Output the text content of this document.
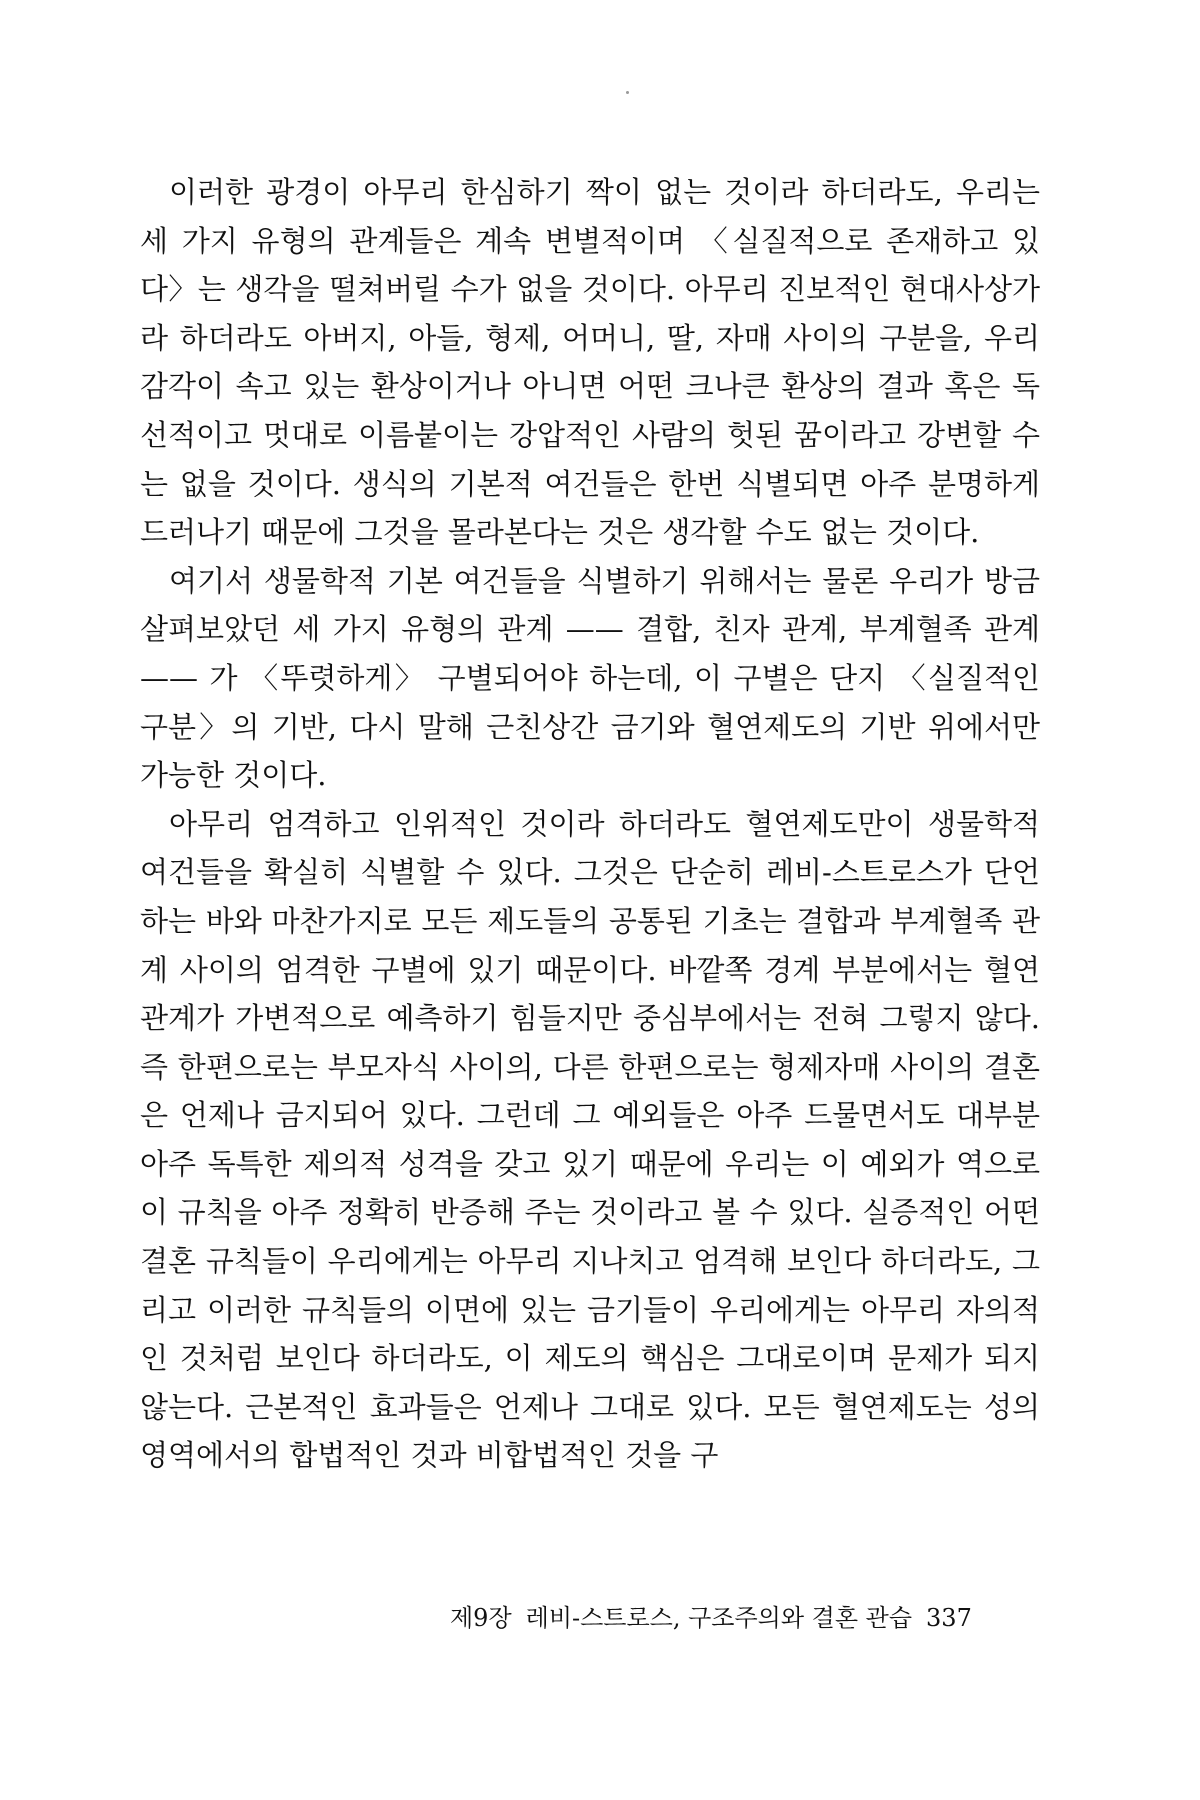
이러한 광경이 아무리 한심하기 짝이 없는 것이라 하더라도, 우리는 세 가지 유형의 관계들은 계속 변별적이며 〈실질적으로 존재하고 있다〉는 생각을 떨쳐버릴 수가 없을 것이다. 아무리 진보적인 현대사상가라 하더라도 아버지, 아들, 형제, 어머니, 딸, 자매 사이의 구분을, 우리 감각이 속고 있는 환상이거나 아니면 어떤 크나큰 환상의 결과 혹은 독선적이고 멋대로 이름붙이는 강압적인 사람의 헛된 꿈이라고 강변할 수는 없을 것이다. 생식의 기본적 여건들은 한번 식별되면 아주 분명하게 드러나기 때문에 그것을 몰라본다는 것은 생각할 수도 없는 것이다.

여기서 생물학적 기본 여건들을 식별하기 위해서는 물론 우리가 방금 살펴보았던 세 가지 유형의 관계 —— 결합, 친자 관계, 부계혈족 관계 —— 가 〈뚜렷하게〉 구별되어야 하는데, 이 구별은 단지 〈실질적인 구분〉의 기반, 다시 말해 근친상간 금기와 혈연제도의 기반 위에서만 가능한 것이다.

아무리 엄격하고 인위적인 것이라 하더라도 혈연제도만이 생물학적 여건들을 확실히 식별할 수 있다. 그것은 단순히 레비-스트로스가 단언하는 바와 마찬가지로 모든 제도들의 공통된 기초는 결합과 부계혈족 관계 사이의 엄격한 구별에 있기 때문이다. 바깥쪽 경계 부분에서는 혈연 관계가 가변적으로 예측하기 힘들지만 중심부에서는 전혀 그렇지 않다. 즉 한편으로는 부모자식 사이의, 다른 한편으로는 형제자매 사이의 결혼은 언제나 금지되어 있다. 그런데 그 예외들은 아주 드물면서도 대부분 아주 독특한 제의적 성격을 갖고 있기 때문에 우리는 이 예외가 역으로 이 규칙을 아주 정확히 반증해 주는 것이라고 볼 수 있다. 실증적인 어떤 결혼 규칙들이 우리에게는 아무리 지나치고 엄격해 보인다 하더라도, 그리고 이러한 규칙들의 이면에 있는 금기들이 우리에게는 아무리 자의적인 것처럼 보인다 하더라도, 이 제도의 핵심은 그대로이며 문제가 되지 않는다. 근본적인 효과들은 언제나 그대로 있다. 모든 혈연제도는 성의 영역에서의 합법적인 것과 비합법적인 것을 구

제9장 레비-스트로스, 구조주의와 결혼 관습 337
